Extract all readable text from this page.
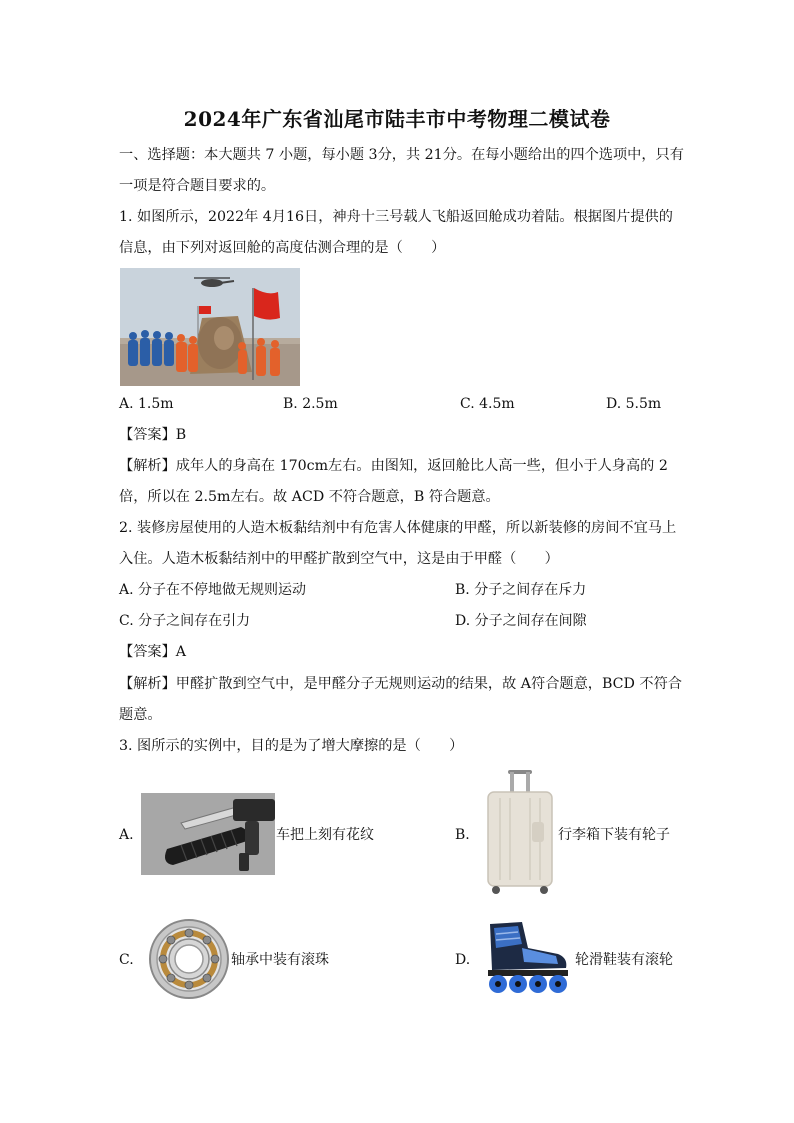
2024年广东省汕尾市陆丰市中考物理二模试卷
一、选择题：本大题共 7 小题，每小题 3分，共 21分。在每小题给出的四个选项中，只有
一项是符合题目要求的。
1. 如图所示，2022年 4月16日，神舟十三号载人飞船返回舱成功着陆。根据图片提供的
信息，由下列对返回舱的高度估测合理的是（　　）
A. 1.5m	B. 2.5m	C. 4.5m	D. 5.5m
【答案】B
【解析】成年人的身高在 170cm左右。由图知，返回舱比人高一些，但小于人身高的 2
倍，所以在 2.5m左右。故 ACD 不符合题意，B 符合题意。
2. 装修房屋使用的人造木板黏结剂中有危害人体健康的甲醛，所以新装修的房间不宜马上
入住。人造木板黏结剂中的甲醛扩散到空气中，这是由于甲醛（　　）
A. 分子在不停地做无规则运动	B. 分子之间存在斥力
C. 分子之间存在引力	D. 分子之间存在间隙
【答案】A
【解析】甲醛扩散到空气中，是甲醛分子无规则运动的结果，故 A符合题意，BCD 不符合
题意。
3. 图所示的实例中，目的是为了增大摩擦的是（　　）
A.	车把上刻有花纹	B.	行李箱下装有轮子
C.	轴承中装有滚珠	D.	轮滑鞋装有滚轮
